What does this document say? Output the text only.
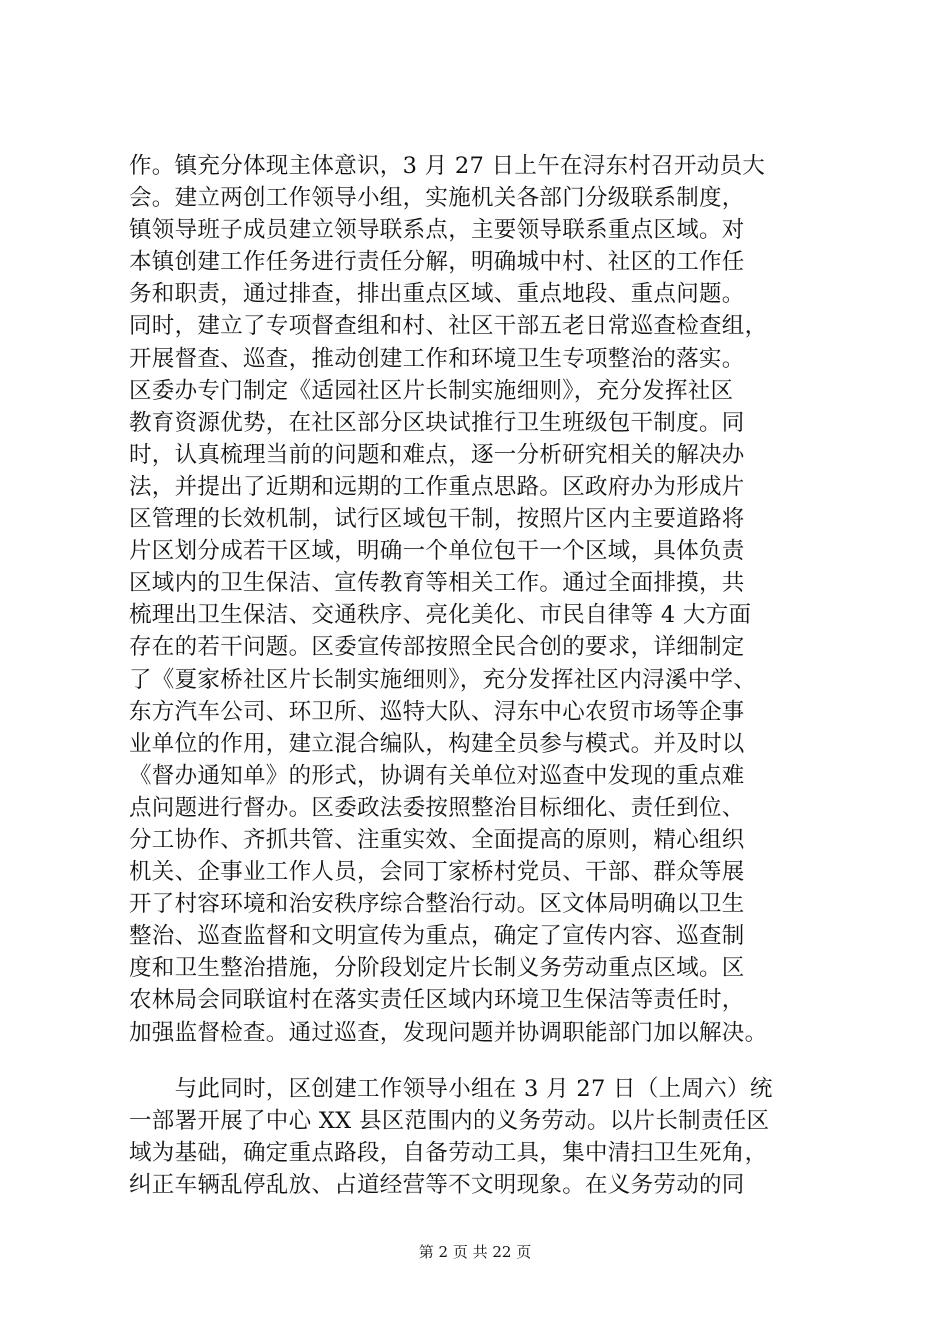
作。镇充分体现主体意识，3 月 27 日上午在浔东村召开动员大
会。建立两创工作领导小组，实施机关各部门分级联系制度，
镇领导班子成员建立领导联系点，主要领导联系重点区域。对
本镇创建工作任务进行责任分解，明确城中村、社区的工作任
务和职责，通过排查，排出重点区域、重点地段、重点问题。
同时，建立了专项督查组和村、社区干部五老日常巡查检查组，
开展督查、巡查，推动创建工作和环境卫生专项整治的落实。
区委办专门制定《适园社区片长制实施细则》，充分发挥社区
教育资源优势，在社区部分区块试推行卫生班级包干制度。同
时，认真梳理当前的问题和难点，逐一分析研究相关的解决办
法，并提出了近期和远期的工作重点思路。区政府办为形成片
区管理的长效机制，试行区域包干制，按照片区内主要道路将
片区划分成若干区域，明确一个单位包干一个区域，具体负责
区域内的卫生保洁、宣传教育等相关工作。通过全面排摸，共
梳理出卫生保洁、交通秩序、亮化美化、市民自律等 4 大方面
存在的若干问题。区委宣传部按照全民合创的要求，详细制定
了《夏家桥社区片长制实施细则》，充分发挥社区内浔溪中学、
东方汽车公司、环卫所、巡特大队、浔东中心农贸市场等企事
业单位的作用，建立混合编队，构建全员参与模式。并及时以
《督办通知单》的形式，协调有关单位对巡查中发现的重点难
点问题进行督办。区委政法委按照整治目标细化、责任到位、
分工协作、齐抓共管、注重实效、全面提高的原则，精心组织
机关、企事业工作人员，会同丁家桥村党员、干部、群众等展
开了村容环境和治安秩序综合整治行动。区文体局明确以卫生
整治、巡查监督和文明宣传为重点，确定了宣传内容、巡查制
度和卫生整治措施，分阶段划定片长制义务劳动重点区域。区
农林局会同联谊村在落实责任区域内环境卫生保洁等责任时，
加强监督检查。通过巡查，发现问题并协调职能部门加以解决。
　　与此同时，区创建工作领导小组在 3 月 27 日（上周六）统
一部署开展了中心 XX 县区范围内的义务劳动。以片长制责任区
域为基础，确定重点路段，自备劳动工具，集中清扫卫生死角，
纠正车辆乱停乱放、占道经营等不文明现象。在义务劳动的同
第 2 页 共 22 页
